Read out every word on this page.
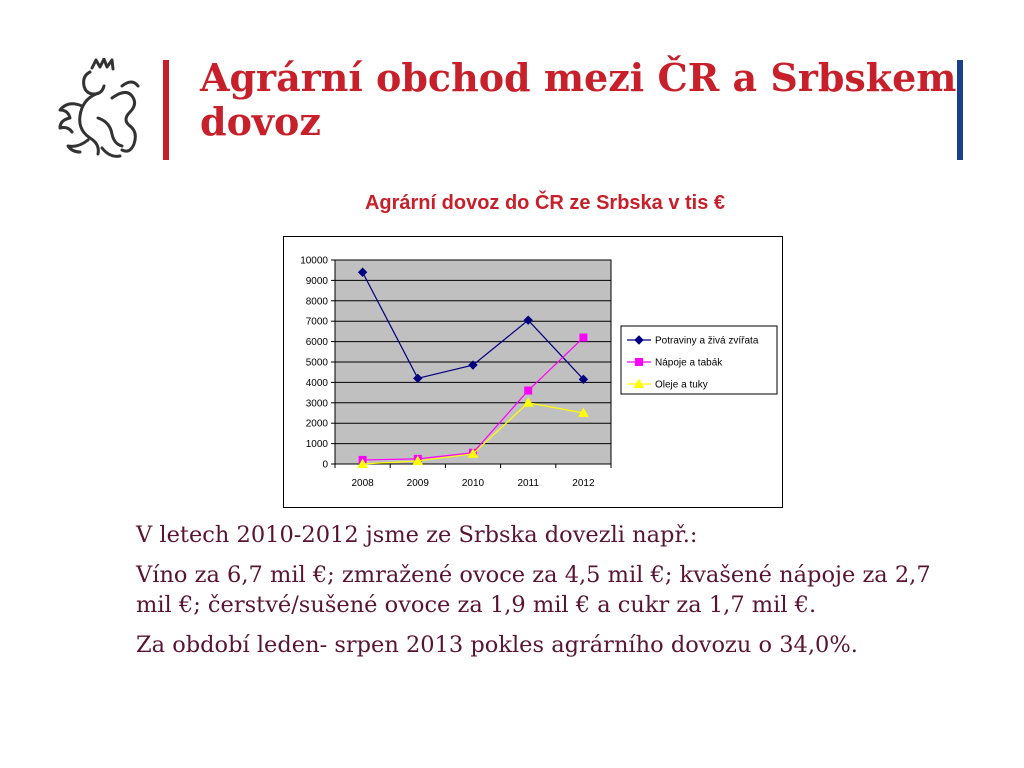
Agrární obchod mezi ČR a Srbskem
dovoz
Agrární dovoz do ČR ze Srbska v tis €
0
1000
2000
3000
4000
5000
6000
7000
8000
9000
10000
2008	2009	2010	2011	2012
Potraviny a živá zvířata
Nápoje a tabák
Oleje a tuky

V letech 2010-2012 jsme ze Srbska dovezli např.:

Víno za 6,7 mil €; zmražené ovoce za 4,5 mil €; kvašené nápoje za 2,7 mil €; čerstvé/sušené ovoce za 1,9 mil € a cukr za 1,7 mil €.

Za období leden- srpen 2013 pokles agrárního dovozu o 34,0%.
